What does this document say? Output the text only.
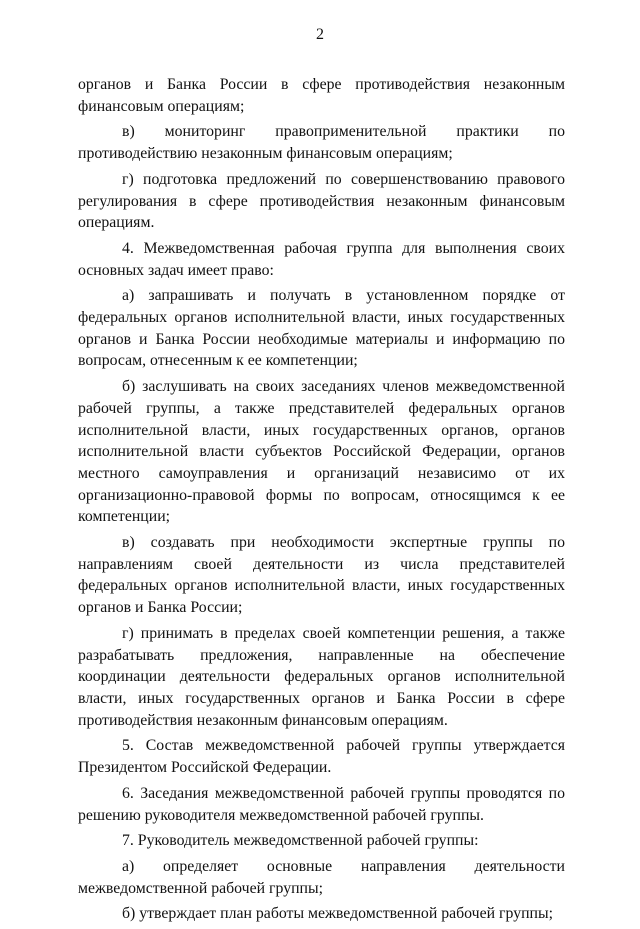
2

органов и Банка России в сфере противодействия незаконным финансовым операциям;

в) мониторинг правоприменительной практики по противодействию незаконным финансовым операциям;

г) подготовка предложений по совершенствованию правового регулирования в сфере противодействия незаконным финансовым операциям.

4. Межведомственная рабочая группа для выполнения своих основных задач имеет право:

а) запрашивать и получать в установленном порядке от федеральных органов исполнительной власти, иных государственных органов и Банка России необходимые материалы и информацию по вопросам, отнесенным к ее компетенции;

б) заслушивать на своих заседаниях членов межведомственной рабочей группы, а также представителей федеральных органов исполнительной власти, иных государственных органов, органов исполнительной власти субъектов Российской Федерации, органов местного самоуправления и организаций независимо от их организационно-правовой формы по вопросам, относящимся к ее компетенции;

в) создавать при необходимости экспертные группы по направлениям своей деятельности из числа представителей федеральных органов исполнительной власти, иных государственных органов и Банка России;

г) принимать в пределах своей компетенции решения, а также разрабатывать предложения, направленные на обеспечение координации деятельности федеральных органов исполнительной власти, иных государственных органов и Банка России в сфере противодействия незаконным финансовым операциям.

5. Состав межведомственной рабочей группы утверждается Президентом Российской Федерации.

6. Заседания межведомственной рабочей группы проводятся по решению руководителя межведомственной рабочей группы.

7. Руководитель межведомственной рабочей группы:

а) определяет основные направления деятельности межведомственной рабочей группы;

б) утверждает план работы межведомственной рабочей группы;
